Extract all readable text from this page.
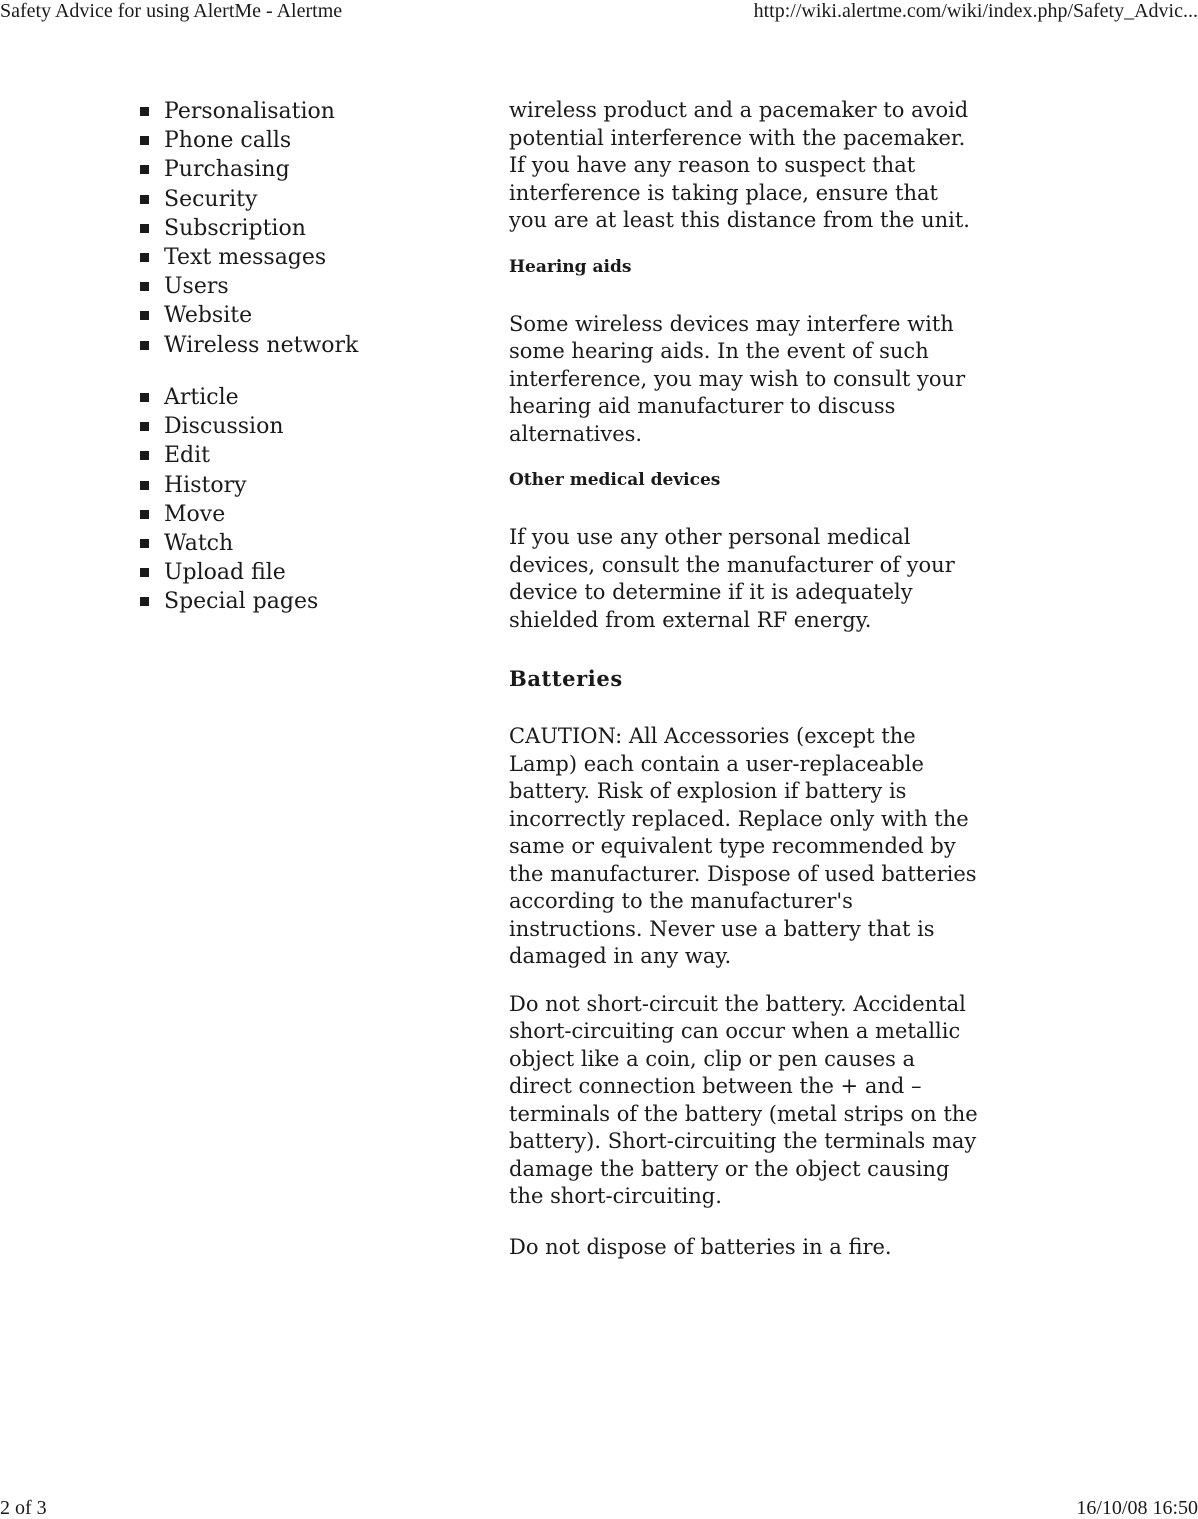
Safety Advice for using AlertMe - Alertme	http://wiki.alertme.com/wiki/index.php/Safety_Advic...
Personalisation
Phone calls
Purchasing
Security
Subscription
Text messages
Users
Website
Wireless network
Article
Discussion
Edit
History
Move
Watch
Upload file
Special pages

wireless product and a pacemaker to avoid potential interference with the pacemaker. If you have any reason to suspect that interference is taking place, ensure that you are at least this distance from the unit.

Hearing aids

Some wireless devices may interfere with some hearing aids. In the event of such interference, you may wish to consult your hearing aid manufacturer to discuss alternatives.

Other medical devices

If you use any other personal medical devices, consult the manufacturer of your device to determine if it is adequately shielded from external RF energy.

Batteries

CAUTION: All Accessories (except the Lamp) each contain a user-replaceable battery. Risk of explosion if battery is incorrectly replaced. Replace only with the same or equivalent type recommended by the manufacturer. Dispose of used batteries according to the manufacturer's instructions. Never use a battery that is damaged in any way.

Do not short-circuit the battery. Accidental short-circuiting can occur when a metallic object like a coin, clip or pen causes a direct connection between the + and – terminals of the battery (metal strips on the battery). Short-circuiting the terminals may damage the battery or the object causing the short-circuiting.

Do not dispose of batteries in a fire.

2 of 3	16/10/08 16:50
